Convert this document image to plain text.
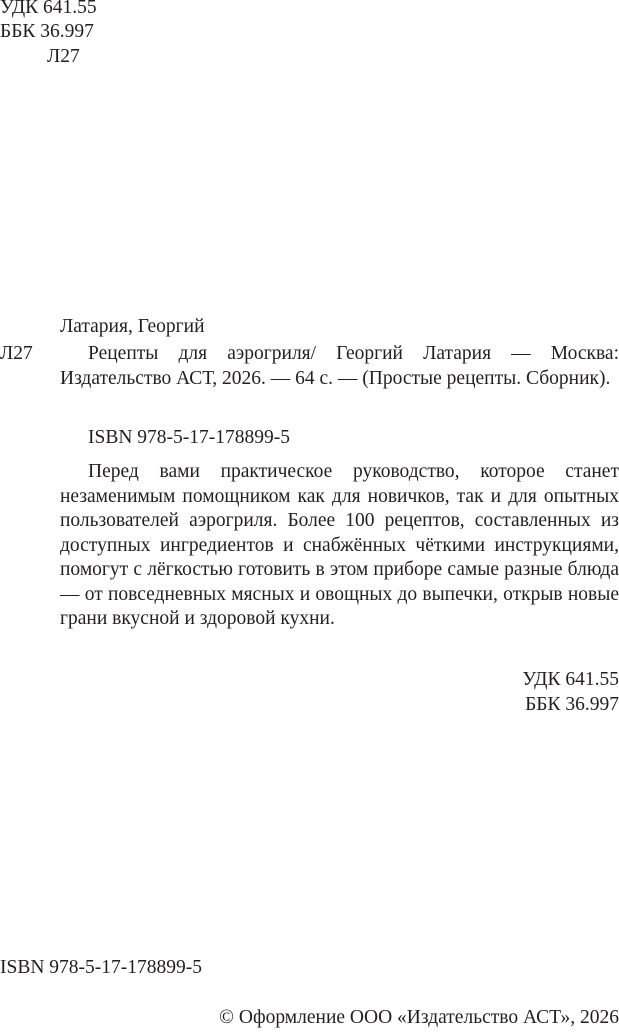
УДК 641.55
ББК 36.997
Л27
Латария, Георгий
Л27	Рецепты для аэрогриля/ Георгий Латария — Москва: Издательство АСТ, 2026. — 64 с. — (Простые рецепты. Сборник).
ISBN 978-5-17-178899-5
Перед вами практическое руководство, которое станет незаменимым помощником как для новичков, так и для опытных пользователей аэрогриля. Более 100 рецептов, составленных из доступных ингредиентов и снабжённых чёткими инструкциями, помогут с лёгкостью готовить в этом приборе самые разные блюда — от повседневных мясных и овощных до выпечки, открыв новые грани вкусной и здоровой кухни.
УДК 641.55
ББК 36.997
ISBN 978-5-17-178899-5
© Оформление ООО «Издательство АСТ», 2026
